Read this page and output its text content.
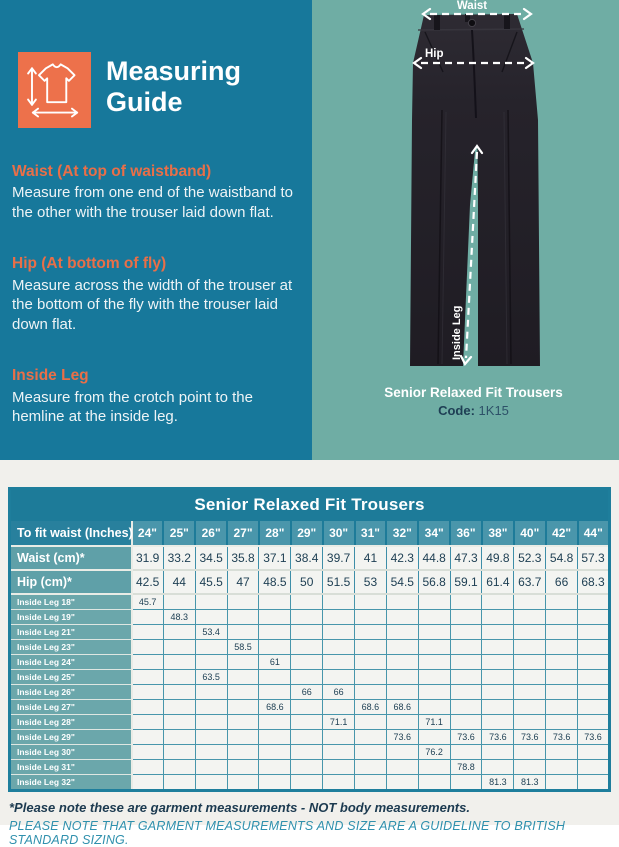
Measuring Guide
Waist (At top of waistband)

Measure from one end of the waistband to the other with the trouser laid down flat.

Hip (At bottom of fly)

Measure across the width of the trouser at the bottom of the fly with the trouser laid down flat.

Inside Leg

Measure from the crotch point to the hemline at the inside leg.

Waist
Hip
Inside Leg
Senior Relaxed Fit Trousers
Code: 1K15
Senior Relaxed Fit Trousers															
To fit waist (Inches)	24"	25"	26"	27"	28"	29"	30"	31"	32"	34"	36"	38"	40"	42"	44"
Waist (cm)*	31.9	33.2	34.5	35.8	37.1	38.4	39.7	41	42.3	44.8	47.3	49.8	52.3	54.8	57.3
Hip (cm)*	42.5	44	45.5	47	48.5	50	51.5	53	54.5	56.8	59.1	61.4	63.7	66	68.3
Inside Leg 18"	45.7														
Inside Leg 19"		48.3													
Inside Leg 21"			53.4												
Inside Leg 23"				58.5											
Inside Leg 24"					61										
Inside Leg 25"			63.5												
Inside Leg 26"						66	66								
Inside Leg 27"					68.6			68.6	68.6						
Inside Leg 28"							71.1			71.1					
Inside Leg 29"									73.6		73.6	73.6	73.6	73.6	73.6
Inside Leg 30"										76.2					
Inside Leg 31"											78.8				
Inside Leg 32"												81.3	81.3		
*Please note these are garment measurements - NOT body measurements.
PLEASE NOTE THAT GARMENT MEASUREMENTS AND SIZE ARE A GUIDELINE TO BRITISH STANDARD SIZING.
